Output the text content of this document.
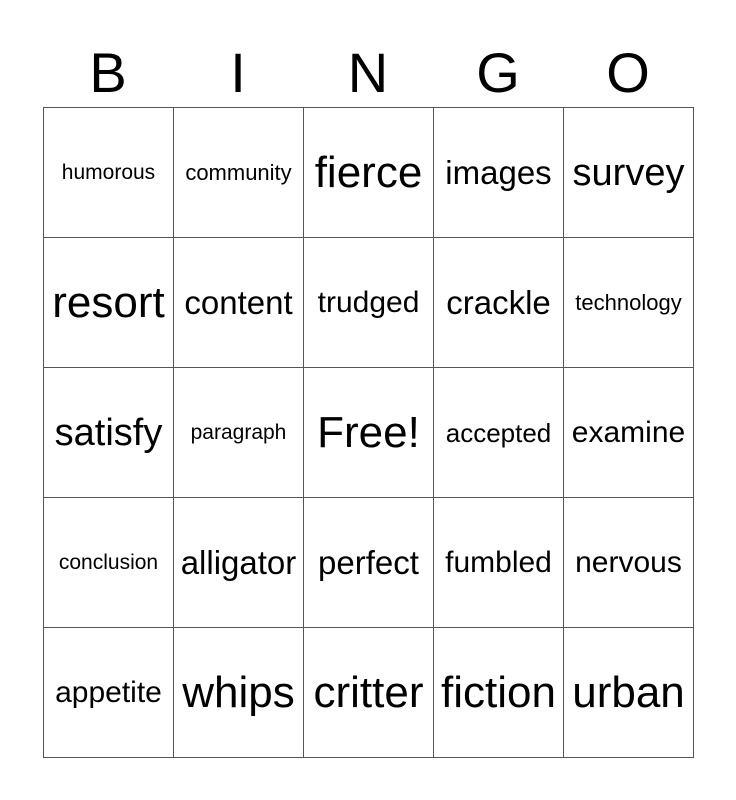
B	I	N	G	O
humorous	community fierce images survey
resort content trudged crackle	technology
satisfy	paragraph Free! accepted examine
conclusion alligator perfect fumbled nervous
appetite whips critter fiction urban
